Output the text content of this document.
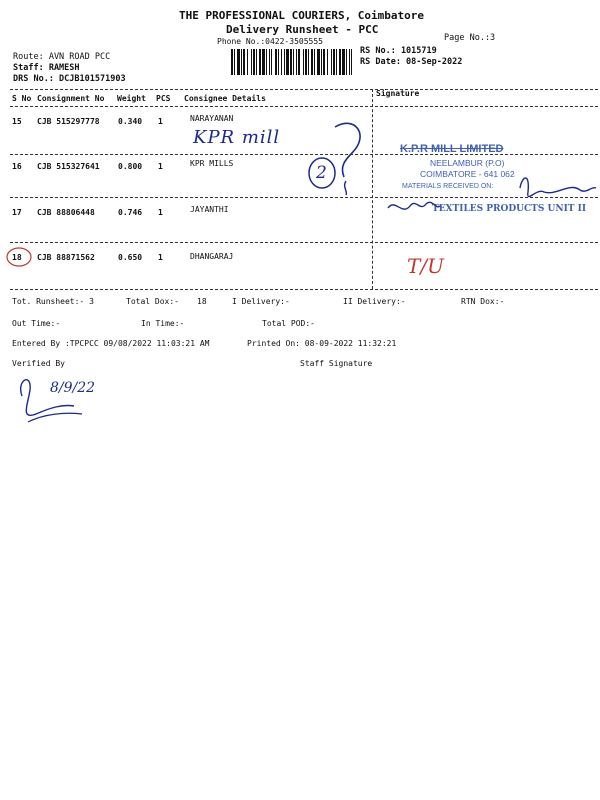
THE PROFESSIONAL COURIERS, Coimbatore
Delivery Runsheet - PCC
Phone No.:0422-3505555	Page No.:3
Route: AVN ROAD PCC
Staff: RAMESH
DRS No.: DCJB101571903
RS No.: 1015719
RS Date: 08-Sep-2022
S No Consignment No Weight PCS Consignee Details
Signature
15 CJB 515297778 0.340 1	NARAYANAN
16 CJB 515327641 0.800 1	KPR MILLS
17 CJB 88806448	0.746 1	JAYANTHI
18 CJB 88871562	0.650 1	DHANGARAJ
KPR mill
2
T/U
K.P.R MILL LIMITED
NEELAMBUR (P.O)
COIMBATORE - 641 062
MATERIALS RECEIVED ON:
TEXTILES PRODUCTS UNIT II
Tot. Runsheet:- 3	Total Dox:- 18	I Delivery:-	II Delivery:-	RTN Dox:-
Out Time:-	In Time:-	Total POD:-
Entered By :TPCPCC 09/08/2022 11:03:21 AM	Printed On: 08-09-2022 11:32:21
Verified By	Staff Signature
8/9/22
